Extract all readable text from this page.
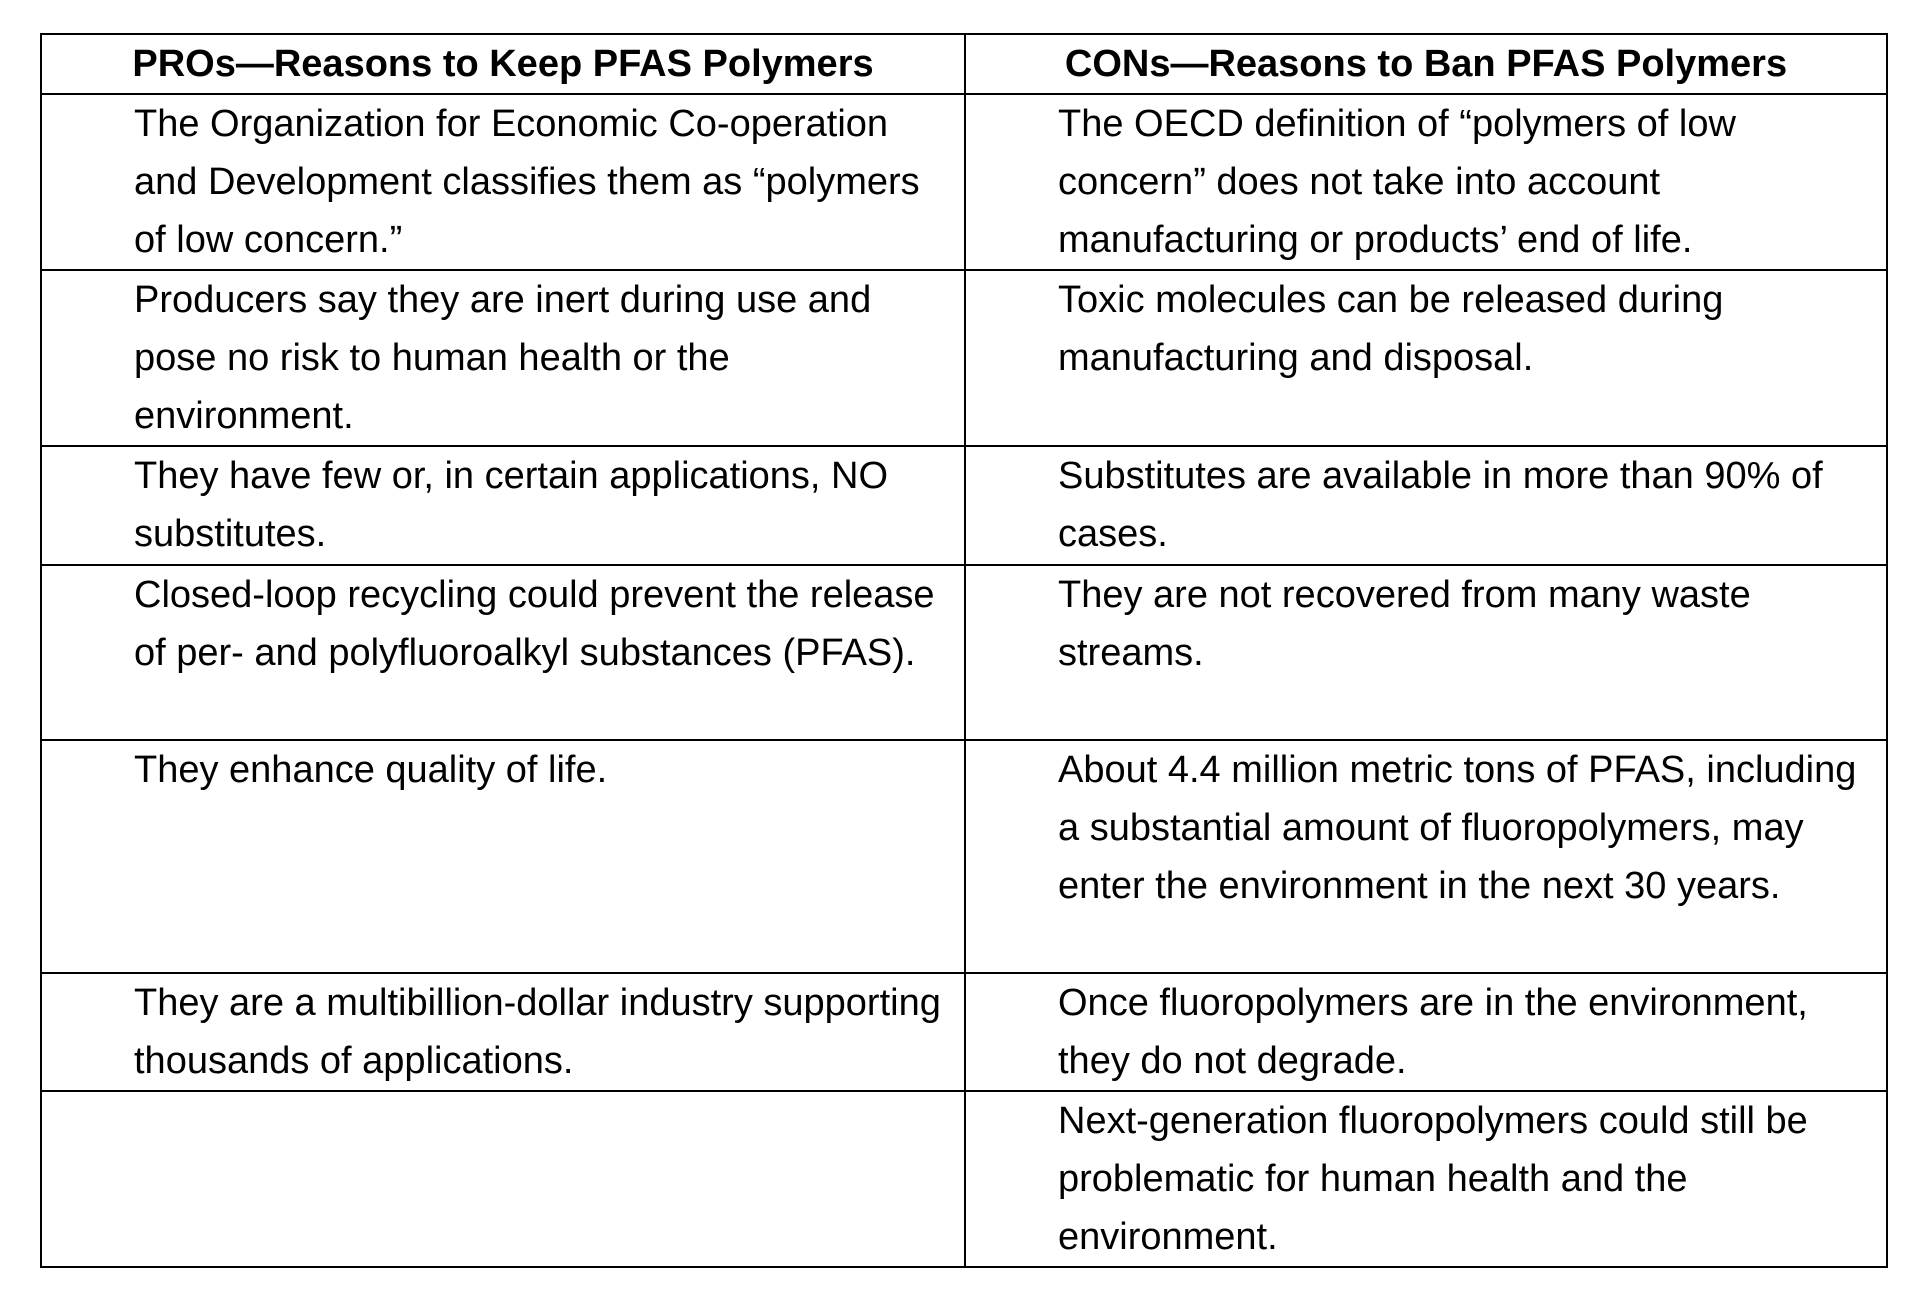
PROs—Reasons to Keep PFAS Polymers	CONs—Reasons to Ban PFAS Polymers
The Organization for Economic Co-operation and Development classifies them as “polymers of low concern.”	The OECD definition of “polymers of low concern” does not take into account manufacturing or products’ end of life.
Producers say they are inert during use and pose no risk to human health or the environment.	Toxic molecules can be released during manufacturing and disposal.
They have few or, in certain applications, NO substitutes.	Substitutes are available in more than 90% of cases.
Closed-loop recycling could prevent the release of per- and polyfluoroalkyl substances (PFAS).	They are not recovered from many waste streams.
They enhance quality of life.	About 4.4 million metric tons of PFAS, including a substantial amount of fluoropolymers, may enter the environment in the next 30 years.
They are a multibillion-dollar industry supporting thousands of applications.	Once fluoropolymers are in the environment, they do not degrade.
	Next-generation fluoropolymers could still be problematic for human health and the environment.
